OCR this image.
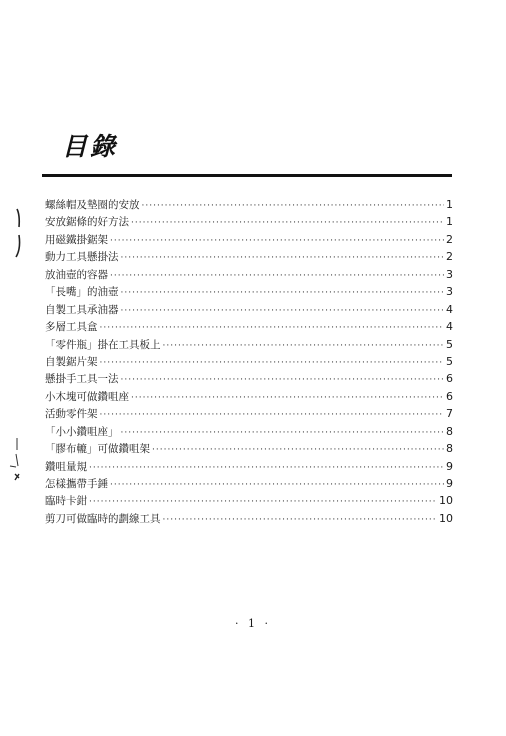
目錄
螺絲帽及墊圈的安放 ·····	1
安放鋸條的好方法 ·····	1
用磁鐵掛鋸架 ·····	2
動力工具懸掛法 ·····	2
放油壺的容器 ·····	3
「長嘴」的油壺 ·····	3
自製工具承油器 ·····	4
多層工具盒 ·····	4
「零件瓶」掛在工具板上 ·····	5
自製鋸片架 ·····	5
懸掛手工具一法 ·····	6
小木塊可做鑽咀座 ·····	6
活動零件架 ·····	7
「小小鑽咀座」 ·····	8
「膠布轆」可做鑽咀架 ·····	8
鑽咀量規 ·····	9
怎樣攜帶手錘 ·····	9
臨時卡鉗 ·····	10
剪刀可做臨時的劃線工具 ·····	10
· 1 ·
